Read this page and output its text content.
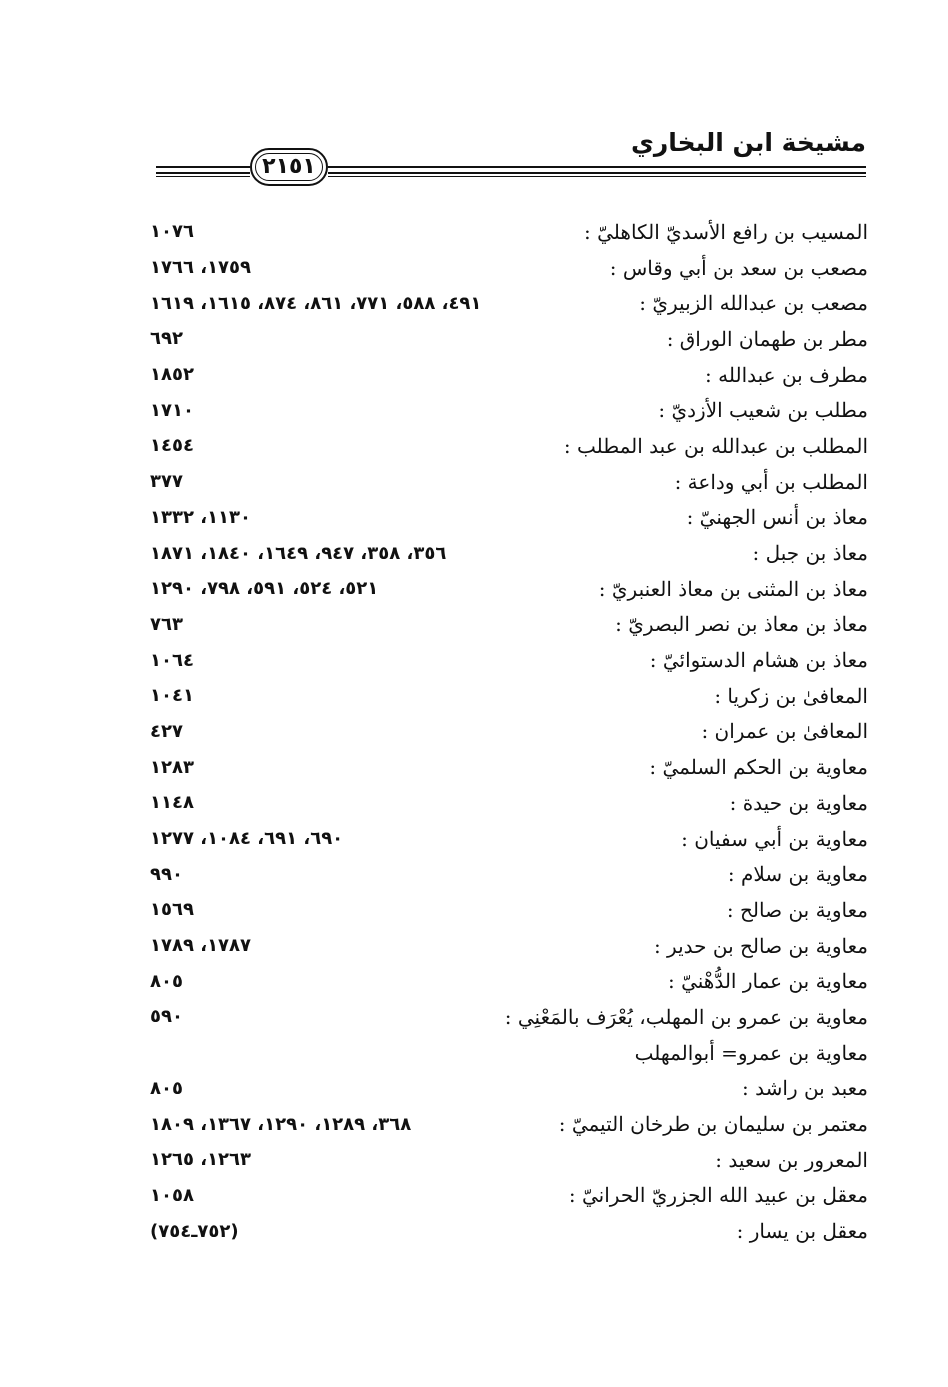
مشيخة ابن البخاري
٢١٥١
المسيب بن رافع الأسديّ الكاهليّ :
١٠٧٦
مصعب بن سعد بن أبي وقاس :
١٧٥٩، ١٧٦٦
مصعب بن عبدالله الزبيريّ :
٤٩١، ٥٨٨، ٧٧١، ٨٦١، ٨٧٤، ١٦١٥، ١٦١٩
مطر بن طهمان الوراق :
٦٩٢
مطرف بن عبدالله :
١٨٥٢
مطلب بن شعيب الأزديّ :
١٧١٠
المطلب بن عبدالله بن عبد المطلب :
١٤٥٤
المطلب بن أبي وداعة :
٣٧٧
معاذ بن أنس الجهنيّ :
١١٣٠، ١٣٣٢
معاذ بن جبل :
٣٥٦، ٣٥٨، ٩٤٧، ١٦٤٩، ١٨٤٠، ١٨٧١
معاذ بن المثنى بن معاذ العنبريّ :
٥٢١، ٥٢٤، ٥٩١، ٧٩٨، ١٢٩٠
معاذ بن معاذ بن نصر البصريّ :
٧٦٣
معاذ بن هشام الدستوائيّ :
١٠٦٤
المعافىٰ بن زكريا :
١٠٤١
المعافىٰ بن عمران :
٤٢٧
معاوية بن الحكم السلميّ :
١٢٨٣
معاوية بن حيدة :
١١٤٨
معاوية بن أبي سفيان :
٦٩٠، ٦٩١، ١٠٨٤، ١٢٧٧
معاوية بن سلام :
٩٩٠
معاوية بن صالح :
١٥٦٩
معاوية بن صالح بن حدير :
١٧٨٧، ١٧٨٩
معاوية بن عمار الدُّهْنيّ :
٨٠٥
معاوية بن عمرو بن المهلب، يُعْرَف بالمَعْنِي :
٥٩٠
معاوية بن عمرو= أبوالمهلب
معبد بن راشد :
٨٠٥
معتمر بن سليمان بن طرخان التيميّ :
٣٦٨، ١٢٨٩، ١٢٩٠، ١٣٦٧، ١٨٠٩
المعرور بن سعيد :
١٢٦٣، ١٢٦٥
معقل بن عبيد الله الجزريّ الحرانيّ :
١٠٥٨
معقل بن يسار :
(٧٥٢ـ٧٥٤)
